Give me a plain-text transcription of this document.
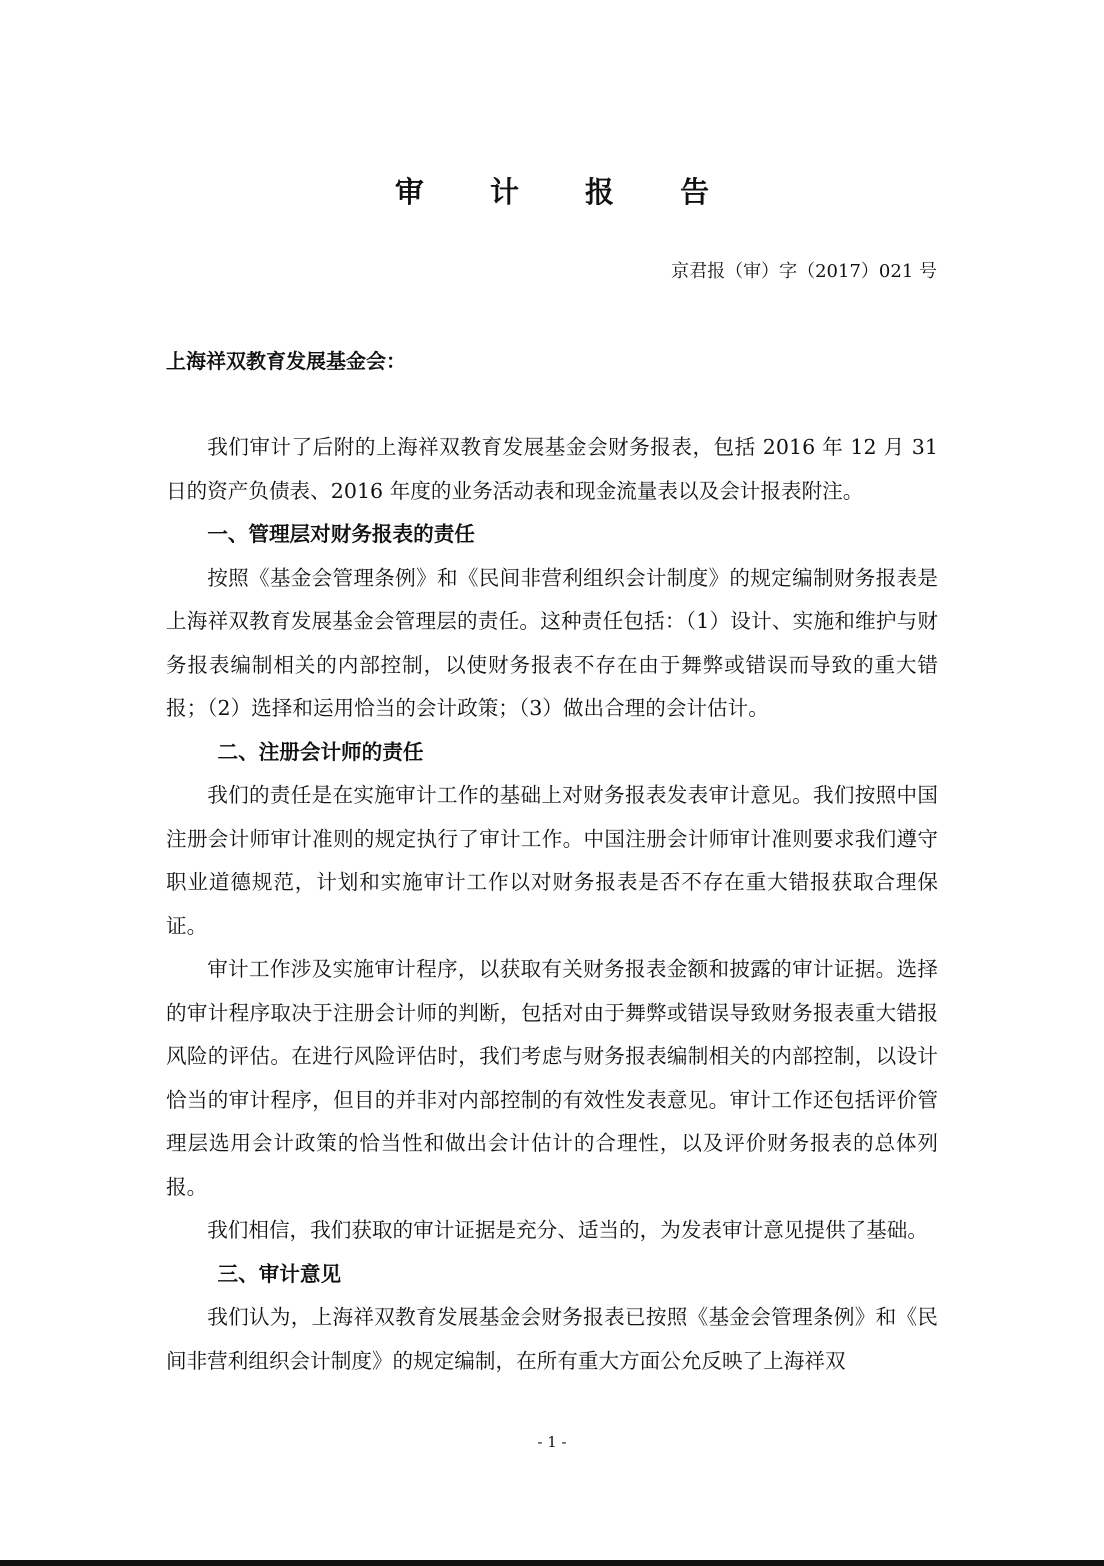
审 计 报 告
京君报（审）字（2017）021 号
上海祥双教育发展基金会：

我们审计了后附的上海祥双教育发展基金会财务报表，包括 2016 年 12 月 31 日的资产负债表、2016 年度的业务活动表和现金流量表以及会计报表附注。

一、管理层对财务报表的责任

按照《基金会管理条例》和《民间非营利组织会计制度》的规定编制财务报表是上海祥双教育发展基金会管理层的责任。这种责任包括：（1）设计、实施和维护与财务报表编制相关的内部控制，以使财务报表不存在由于舞弊或错误而导致的重大错报；（2）选择和运用恰当的会计政策；（3）做出合理的会计估计。

二、注册会计师的责任

我们的责任是在实施审计工作的基础上对财务报表发表审计意见。我们按照中国注册会计师审计准则的规定执行了审计工作。中国注册会计师审计准则要求我们遵守职业道德规范，计划和实施审计工作以对财务报表是否不存在重大错报获取合理保证。

审计工作涉及实施审计程序，以获取有关财务报表金额和披露的审计证据。选择的审计程序取决于注册会计师的判断，包括对由于舞弊或错误导致财务报表重大错报风险的评估。在进行风险评估时，我们考虑与财务报表编制相关的内部控制，以设计恰当的审计程序，但目的并非对内部控制的有效性发表意见。审计工作还包括评价管理层选用会计政策的恰当性和做出会计估计的合理性，以及评价财务报表的总体列报。

我们相信，我们获取的审计证据是充分、适当的，为发表审计意见提供了基础。

三、审计意见

我们认为，上海祥双教育发展基金会财务报表已按照《基金会管理条例》和《民间非营利组织会计制度》的规定编制，在所有重大方面公允反映了上海祥双

- 1 -
